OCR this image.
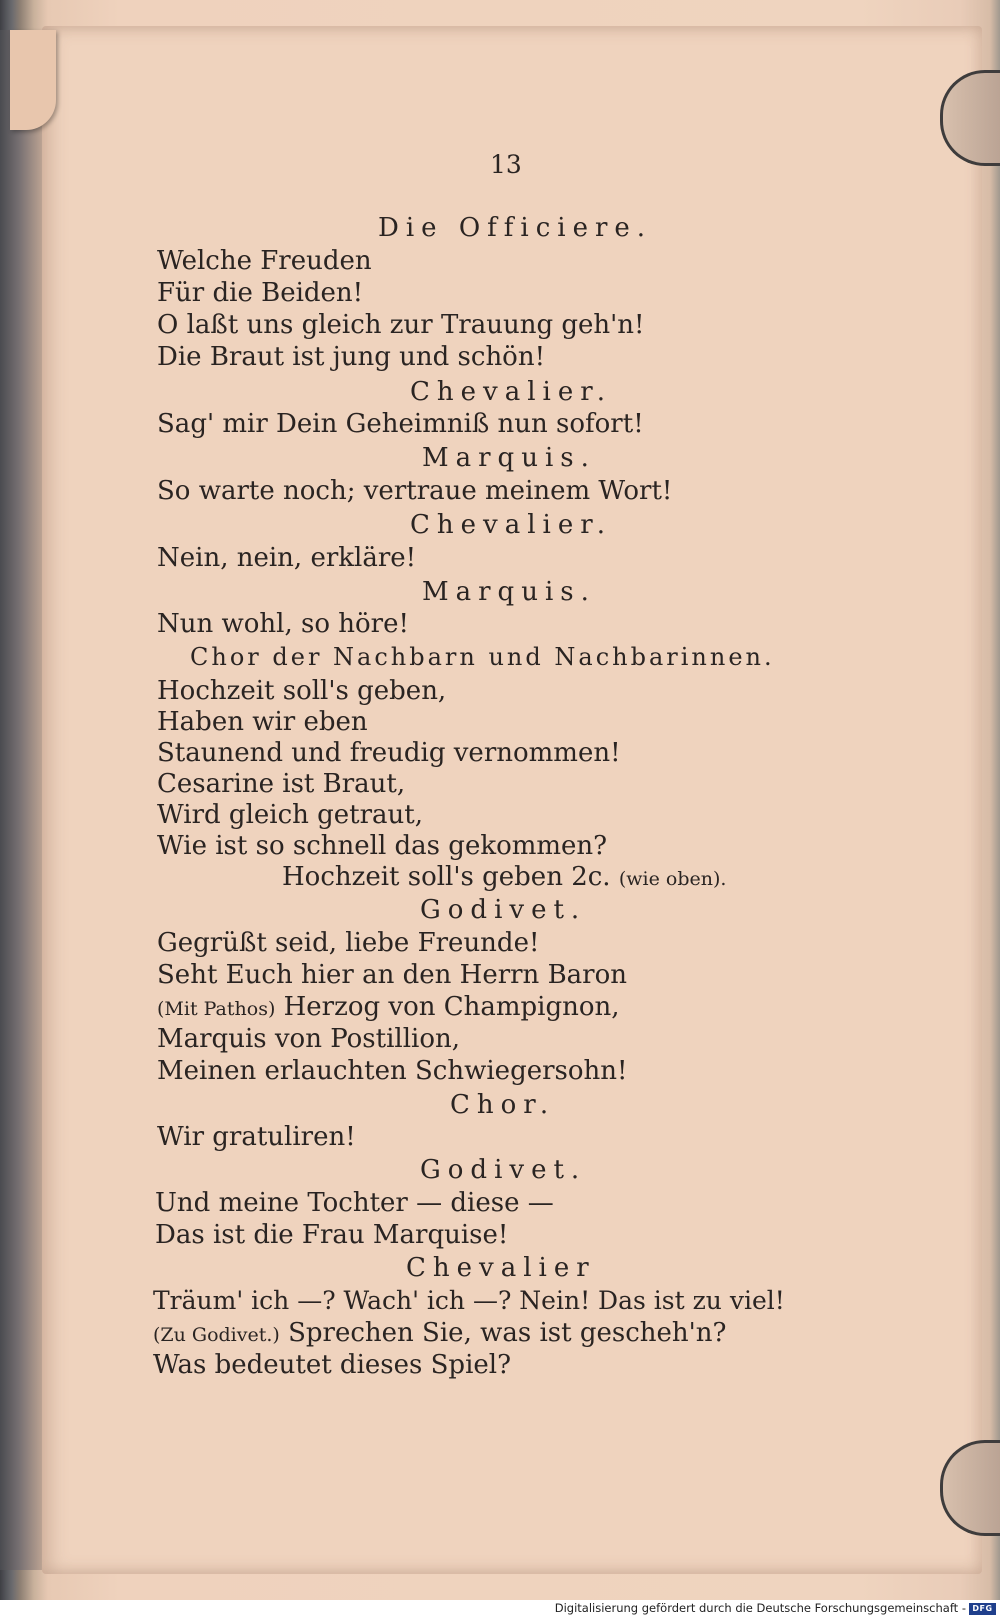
13
Die Officiere.
Welche Freuden
Für die Beiden!
O laßt uns gleich zur Trauung geh'n!
Die Braut ist jung und schön!
Chevalier.
Sag' mir Dein Geheimniß nun sofort!
Marquis.
So warte noch; vertraue meinem Wort!
Chevalier.
Nein, nein, erkläre!
Marquis.
Nun wohl, so höre!
Chor der Nachbarn und Nachbarinnen.
Hochzeit soll's geben,
Haben wir eben
Staunend und freudig vernommen!
Cesarine ist Braut,
Wird gleich getraut,
Wie ist so schnell das gekommen?
Hochzeit soll's geben 2c. (wie oben).
Godivet.
Gegrüßt seid, liebe Freunde!
Seht Euch hier an den Herrn Baron
(Mit Pathos) Herzog von Champignon,
Marquis von Postillion,
Meinen erlauchten Schwiegersohn!
Chor.
Wir gratuliren!
Godivet.
Und meine Tochter — diese —
Das ist die Frau Marquise!
Chevalier
Träum' ich —? Wach' ich —? Nein! Das ist zu viel!
(Zu Godivet.) Sprechen Sie, was ist gescheh'n?
Was bedeutet dieses Spiel?
Digitalisierung gefördert durch die Deutsche Forschungsgemeinschaft - DFG
